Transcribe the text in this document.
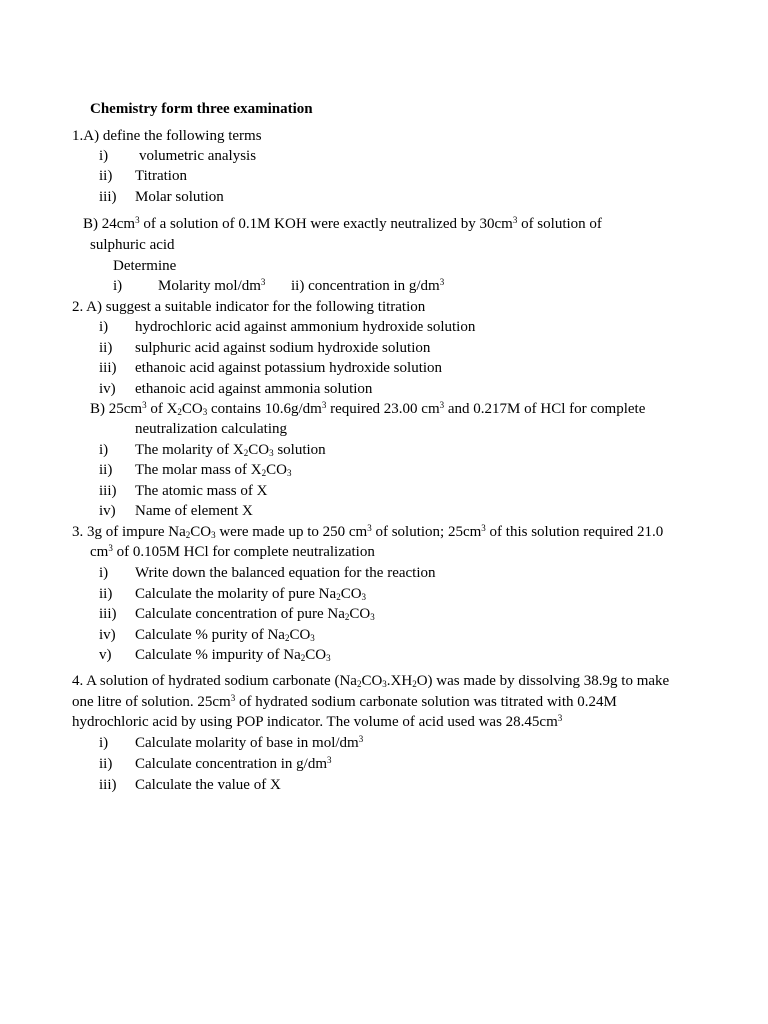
Chemistry form three examination
1.A) define the following terms
i) volumetric analysis
ii) Titration
iii) Molar solution
B) $24cm^3$ of a solution of 0.1M KOH were exactly neutralized by $30cm^3$ of solution of
sulphuric acid
Determine
i) Molarity mol/$dm^3$ ii) concentration in $g/dm^3$
2. A) suggest a suitable indicator for the following titration
i) hydrochloric acid against ammonium hydroxide solution
ii) sulphuric acid against sodium hydroxide solution
iii) ethanoic acid against potassium hydroxide solution
iv) ethanoic acid against ammonia solution
B) $25cm^3$ of $X_2CO_3$ contains $10.6g/dm^3$ required 23.00 $cm^3$ and 0.217M of HCl for complete
neutralization calculating
i) The molarity of $X_2CO_3$ solution
ii) The molar mass of $X_2CO_3$
iii) The atomic mass of X
iv) Name of element X
3. 3g of impure $Na_2CO_3$ were made up to 250 $cm^3$ of solution; $25cm^3$ of this solution required 21.0
$cm^3$ of 0.105M HCl for complete neutralization
i) Write down the balanced equation for the reaction
ii) Calculate the molarity of pure $Na_2CO_3$
iii) Calculate concentration of pure $Na_2CO_3$
iv) Calculate % purity of $Na_2CO_3$
v) Calculate % impurity of $Na_2CO_3$
4. A solution of hydrated sodium carbonate $(Na_2CO_3.XH_2O)$ was made by dissolving 38.9g to make
one litre of solution. $25cm^3$ of hydrated sodium carbonate solution was titrated with 0.24M
hydrochloric acid by using POP indicator. The volume of acid used was $28.45cm^3$
i) Calculate molarity of base in mol/$dm^3$
ii) Calculate concentration in $g/dm^3$
iii) Calculate the value of X
